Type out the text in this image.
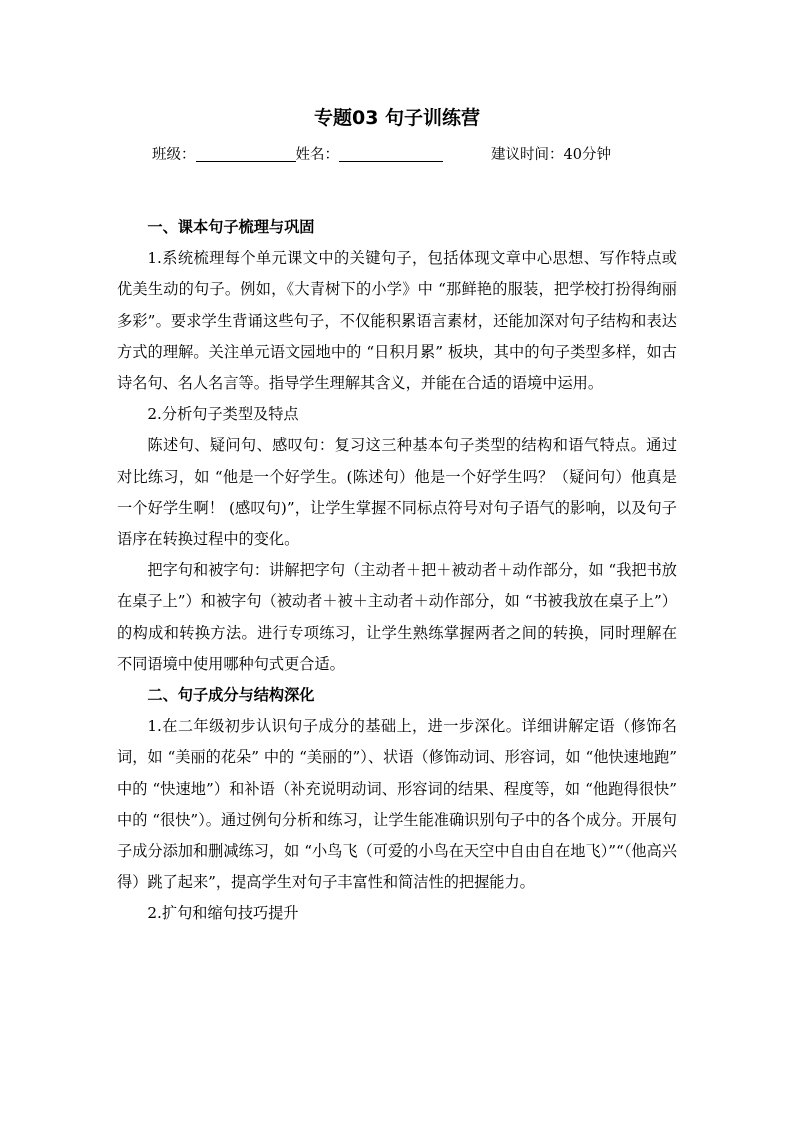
专题03 句子训练营
班级：	姓名：	建议时间：40分钟

一、课本句子梳理与巩固

1.系统梳理每个单元课文中的关键句子，包括体现文章中心思想、写作特点或优美生动的句子。例如，《大青树下的小学》中 “那鲜艳的服装，把学校打扮得绚丽多彩”。要求学生背诵这些句子，不仅能积累语言素材，还能加深对句子结构和表达方式的理解。关注单元语文园地中的 “日积月累” 板块，其中的句子类型多样，如古诗名句、名人名言等。指导学生理解其含义，并能在合适的语境中运用。

2.分析句子类型及特点

陈述句、疑问句、感叹句：复习这三种基本句子类型的结构和语气特点。通过对比练习，如 “他是一个好学生。(陈述句）他是一个好学生吗？（疑问句）他真是一个好学生啊！ (感叹句)”，让学生掌握不同标点符号对句子语气的影响，以及句子语序在转换过程中的变化。

把字句和被字句：讲解把字句（主动者＋把＋被动者＋动作部分，如 “我把书放在桌子上”）和被字句（被动者＋被＋主动者＋动作部分，如 “书被我放在桌子上”）的构成和转换方法。进行专项练习，让学生熟练掌握两者之间的转换，同时理解在不同语境中使用哪种句式更合适。

二、句子成分与结构深化

1.在二年级初步认识句子成分的基础上，进一步深化。详细讲解定语（修饰名词，如 “美丽的花朵” 中的 “美丽的”）、状语（修饰动词、形容词，如 “他快速地跑” 中的 “快速地”）和补语（补充说明动词、形容词的结果、程度等，如 “他跑得很快” 中的 “很快”）。通过例句分析和练习，让学生能准确识别句子中的各个成分。开展句子成分添加和删减练习，如 “小鸟飞（可爱的小鸟在天空中自由自在地飞）”“（他高兴得）跳了起来”，提高学生对句子丰富性和简洁性的把握能力。

2.扩句和缩句技巧提升
